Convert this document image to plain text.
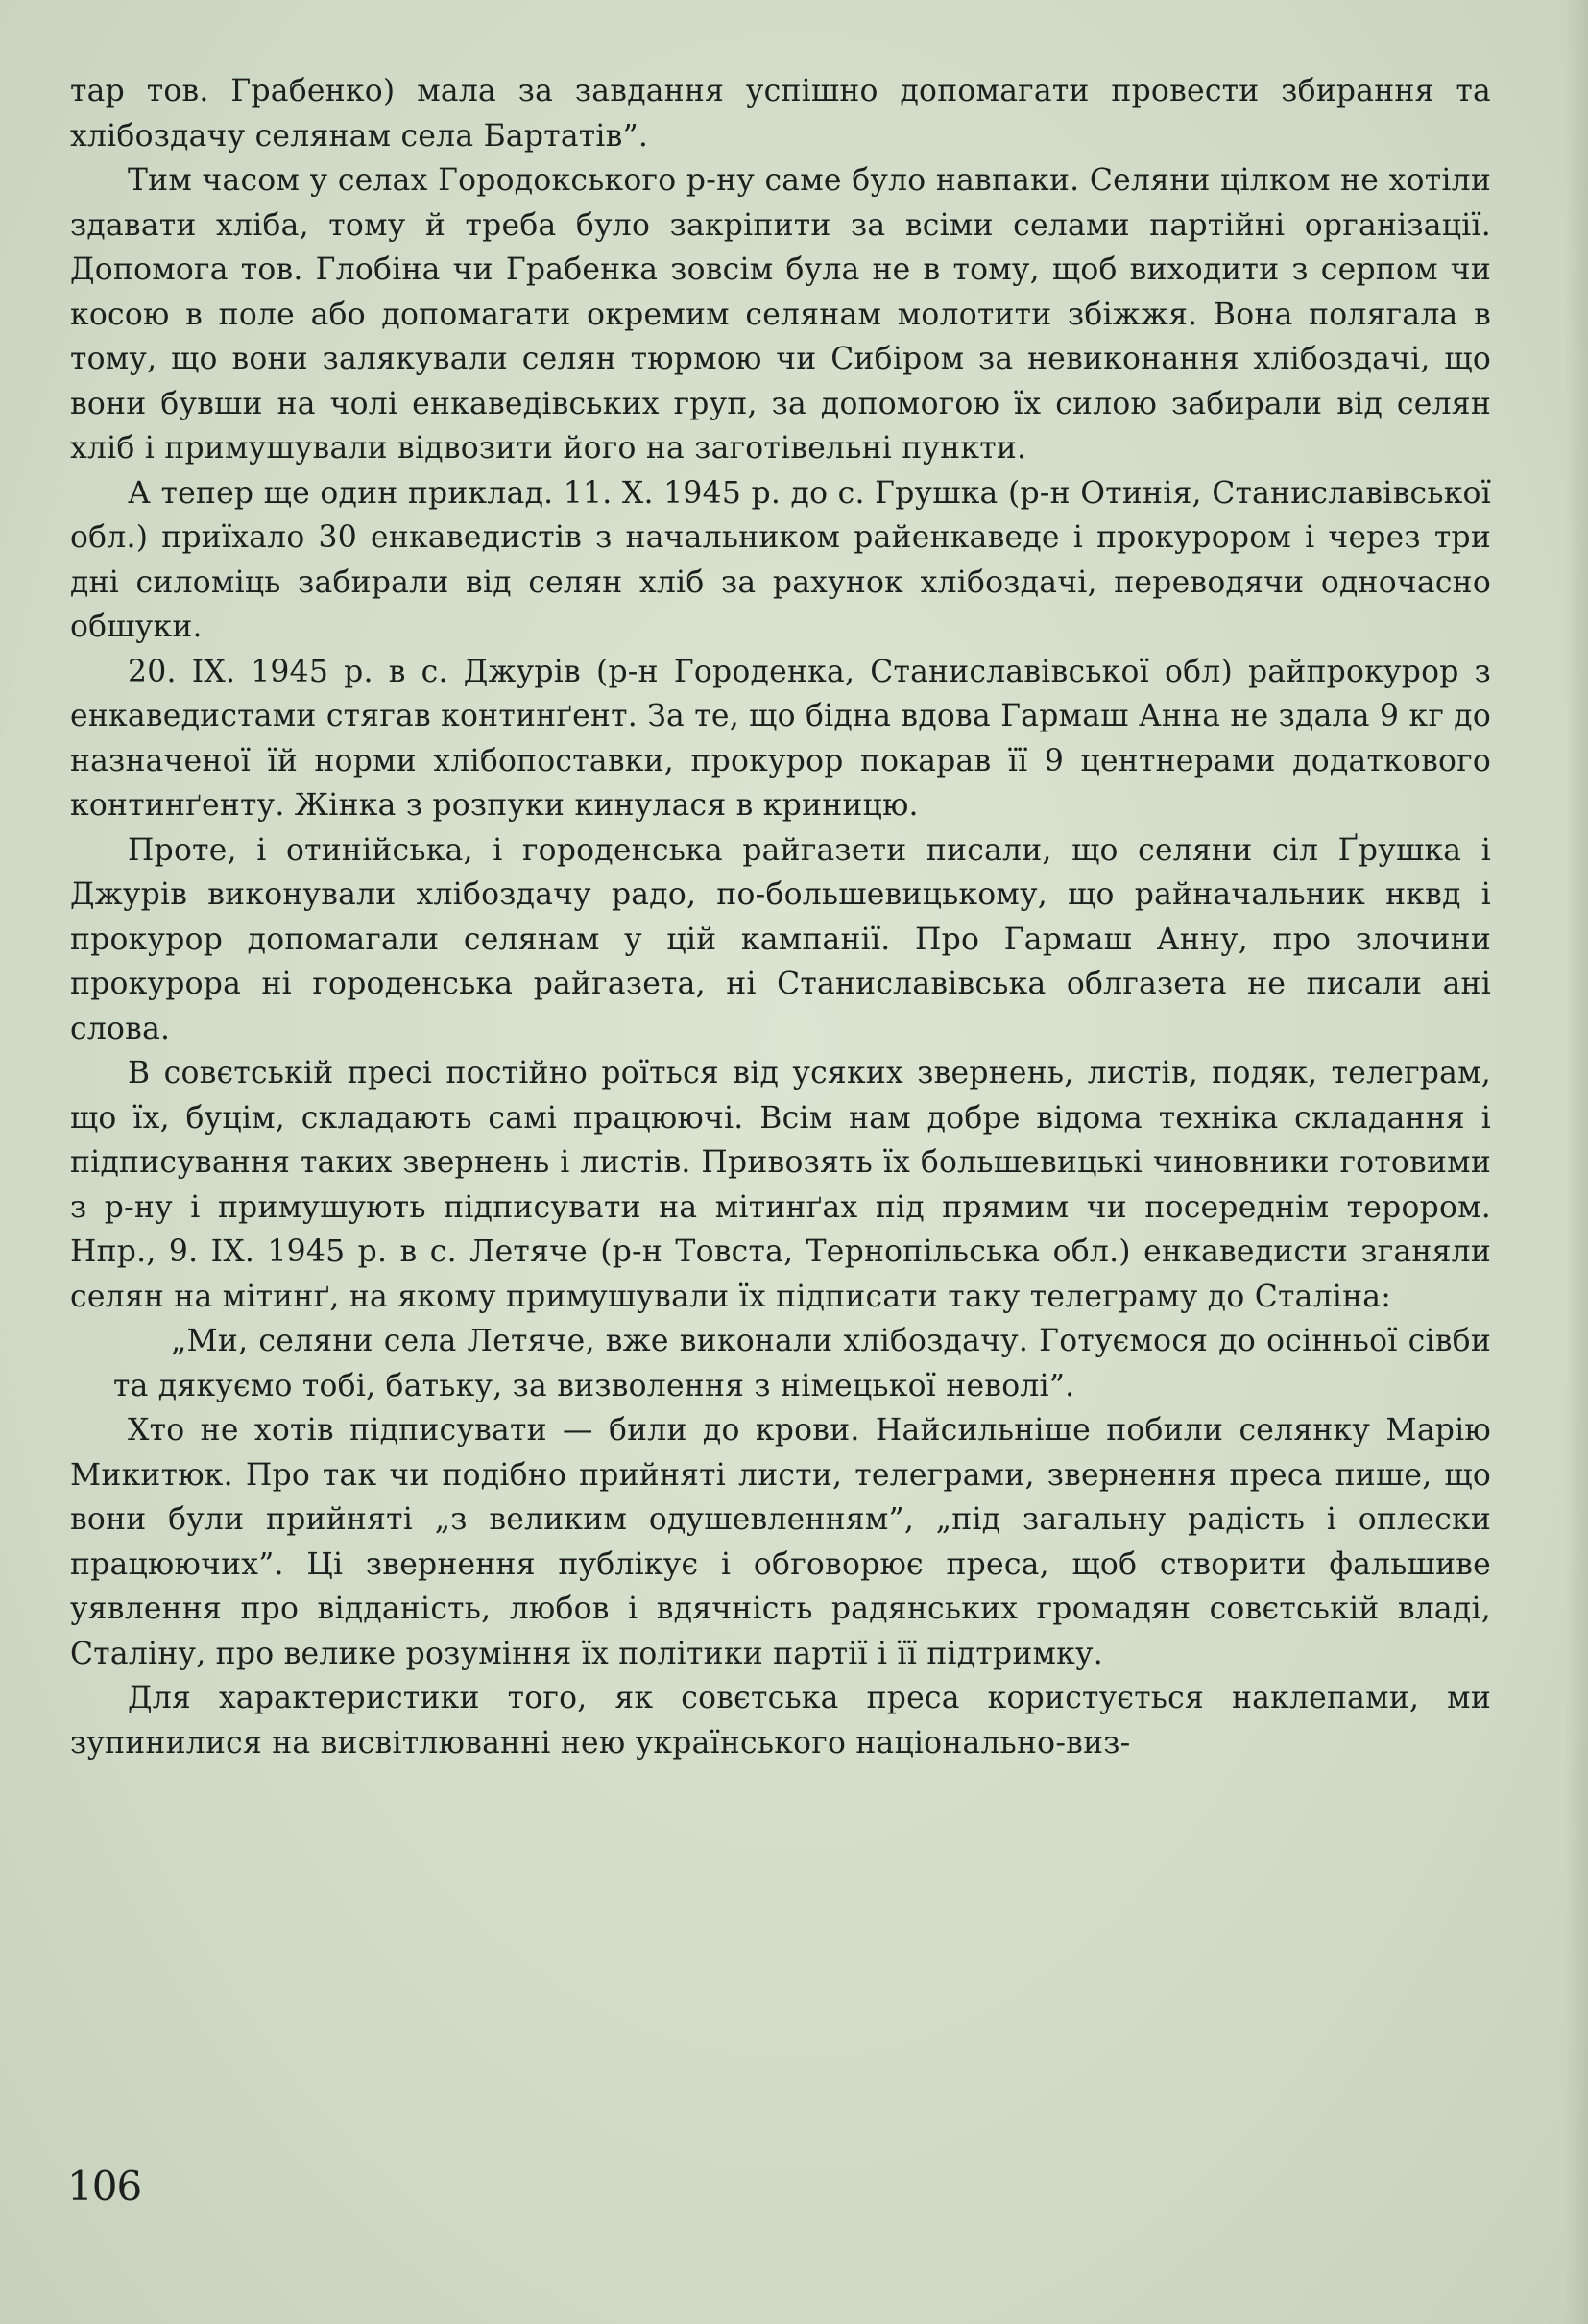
тар тов. Грабенко) мала за завдання успішно допомагати провести збирання та хлібоздачу селянам села Бартатів”.

Тим часом у селах Городокського р-ну саме було навпаки. Селяни цілком не хотіли здавати хліба, тому й треба було закріпити за всіми селами партійні організації. Допомога тов. Глобіна чи Грабенка зовсім була не в тому, щоб виходити з серпом чи косою в поле або допомагати окремим селянам молотити збіжжя. Вона полягала в тому, що вони залякували селян тюрмою чи Сибіром за невиконання хлібоздачі, що вони бувши на чолі енкаведівських груп, за допомогою їх силою забирали від селян хліб і примушували відвозити його на заготівельні пункти.

А тепер ще один приклад. 11. X. 1945 р. до с. Грушка (р-н Отинія, Станиславівської обл.) приїхало 30 енкаведистів з начальником райенкаведе і прокурором і через три дні силоміць забирали від селян хліб за рахунок хлібоздачі, переводячи одночасно обшуки.

20. IX. 1945 р. в с. Джурів (р-н Городенка, Станиславівської обл) райпрокурор з енкаведистами стягав континґент. За те, що бідна вдова Гармаш Анна не здала 9 кг до назначеної їй норми хлібопоставки, прокурор покарав її 9 центнерами додаткового континґенту. Жінка з розпуки кинулася в криницю.

Проте, і отинійська, і городенська райгазети писали, що селяни сіл Ґрушка і Джурів виконували хлібоздачу радо, по-большевицькому, що райначальник нквд і прокурор допомагали селянам у цій кампанії. Про Гармаш Анну, про злочини прокурора ні городенська райгазета, ні Станиславівська облгазета не писали ані слова.

В совєтській пресі постійно роїться від усяких звернень, листів, подяк, телеграм, що їх, буцім, складають самі працюючі. Всім нам добре відома техніка складання і підписування таких звернень і листів. Привозять їх большевицькі чиновники готовими з р-ну і примушують підписувати на мітинґах під прямим чи посереднім терором. Нпр., 9. IX. 1945 р. в с. Летяче (р-н Товста, Тернопільська обл.) енкаведисти зганяли селян на мітинґ, на якому примушували їх підписати таку телеграму до Сталіна:

„Ми, селяни села Летяче, вже виконали хлібоздачу. Готуємося до осінньої сівби та дякуємо тобі, батьку, за визволення з німецької неволі”.

Хто не хотів підписувати — били до крови. Найсильніше побили селянку Марію Микитюк. Про так чи подібно прийняті листи, телеграми, звернення преса пише, що вони були прийняті „з великим одушевленням”, „під загальну радість і оплески працюючих”. Ці звернення публікує і обговорює преса, щоб створити фальшиве уявлення про відданість, любов і вдячність радянських громадян совєтській владі, Сталіну, про велике розуміння їх політики партії і її підтримку.

Для характеристики того, як совєтська преса користується наклепами, ми зупинилися на висвітлюванні нею українського національно-виз-

106
